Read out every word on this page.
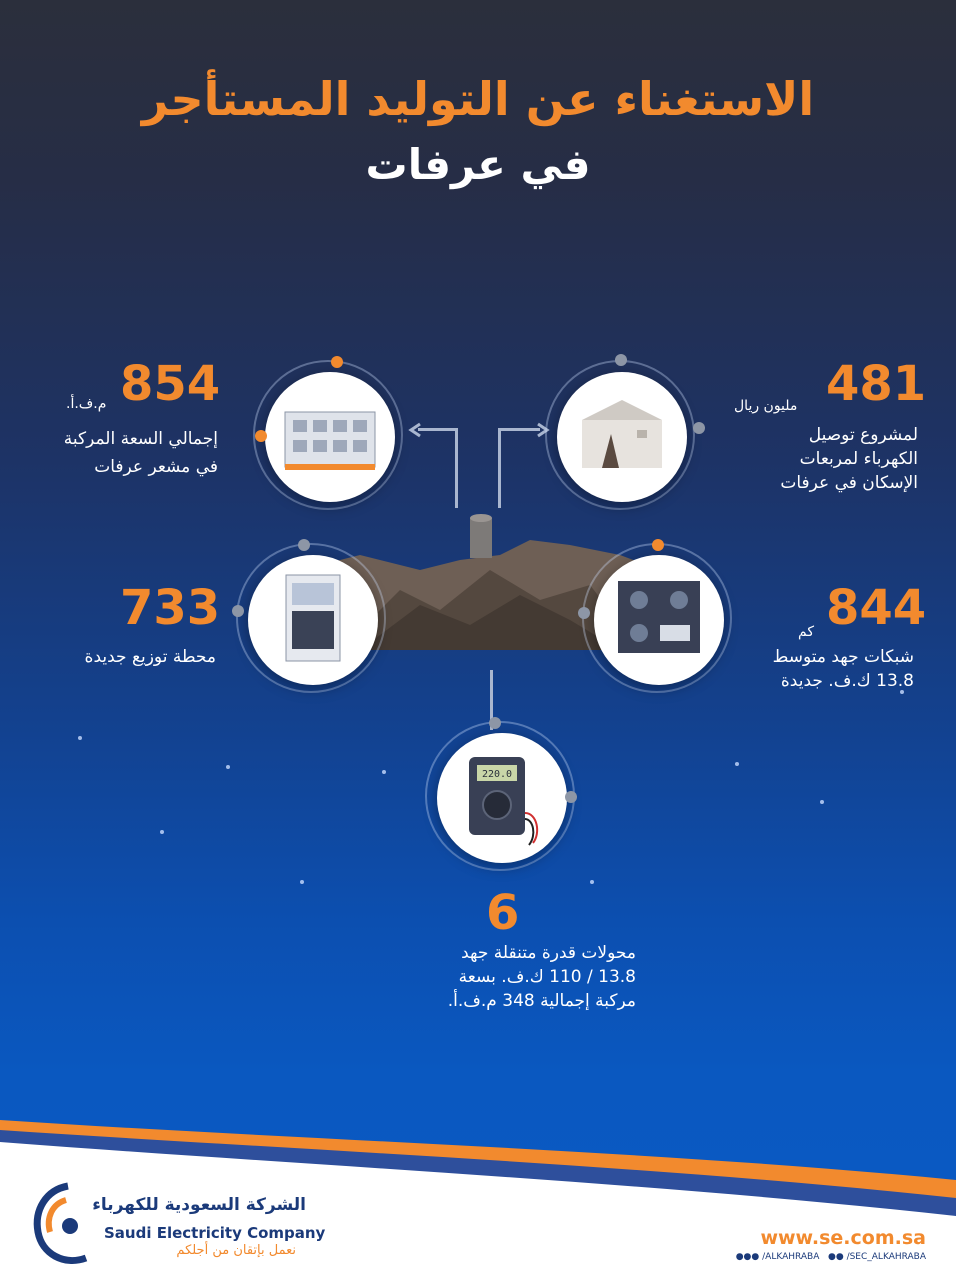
الاستغناء عن التوليد المستأجر
في عرفات
854
م.ف.أ.
إجمالي السعة المركبة
في مشعر عرفات
481
مليون ريال
لمشروع توصيل
الكهرباء لمربعات
الإسكان في عرفات
733
محطة توزيع جديدة
844
كم
شبكات جهد متوسط
13.8 ك.ف. جديدة
220.0
6
محولات قدرة متنقلة جهد
13.8 / 110 ك.ف. بسعة
مركبة إجمالية 348 م.ف.أ.
الشركة السعودية للكهرباء
Saudi Electricity Company
نعمل بإتقان من أجلكم
www.se.com.sa
●●● /ALKAHRABA ●● /SEC_ALKAHRABA
